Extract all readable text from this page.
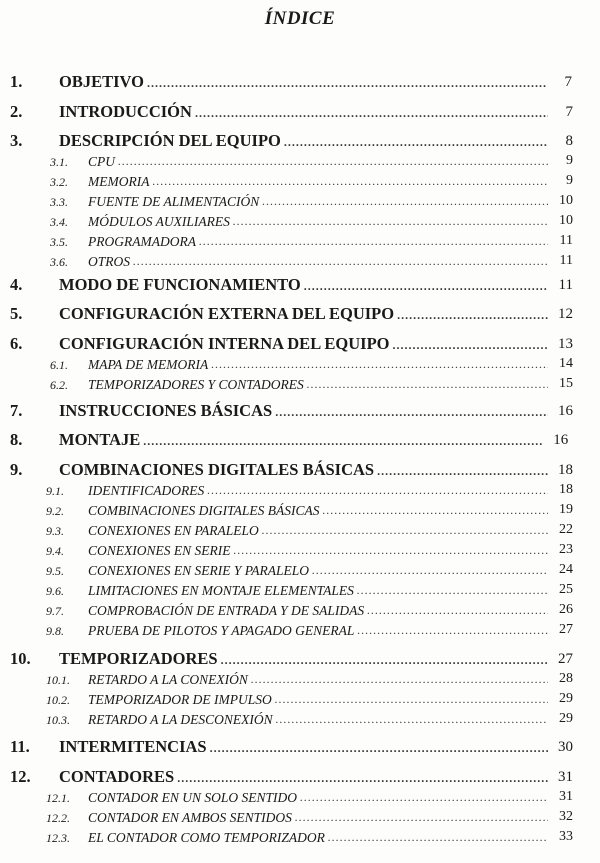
ÍNDICE
1.	OBJETIVO .....	7
2.	INTRODUCCIÓN .....	7
3.	DESCRIPCIÓN DEL EQUIPO .....	8
3.1.	CPU .....	9
3.2.	MEMORIA .....	9
3.3.	FUENTE DE ALIMENTACIÓN .....	10
3.4.	MÓDULOS AUXILIARES .....	10
3.5.	PROGRAMADORA .....	11
3.6.	OTROS .....	11
4.	MODO DE FUNCIONAMIENTO .....	11
5.	CONFIGURACIÓN EXTERNA DEL EQUIPO .....	12
6.	CONFIGURACIÓN INTERNA DEL EQUIPO .....	13
6.1.	MAPA DE MEMORIA .....	14
6.2.	TEMPORIZADORES Y CONTADORES .....	15
7.	INSTRUCCIONES BÁSICAS .....	16
8.	MONTAJE .....	16
9.	COMBINACIONES DIGITALES BÁSICAS .....	18
9.1.	IDENTIFICADORES .....	18
9.2.	COMBINACIONES DIGITALES BÁSICAS .....	19
9.3.	CONEXIONES EN PARALELO .....	22
9.4.	CONEXIONES EN SERIE .....	23
9.5.	CONEXIONES EN SERIE Y PARALELO .....	24
9.6.	LIMITACIONES EN MONTAJE ELEMENTALES .....	25
9.7.	COMPROBACIÓN DE ENTRADA Y DE SALIDAS .....	26
9.8.	PRUEBA DE PILOTOS Y APAGADO GENERAL .....	27
10.	TEMPORIZADORES .....	27
10.1.	RETARDO A LA CONEXIÓN .....	28
10.2.	TEMPORIZADOR DE IMPULSO .....	29
10.3.	RETARDO A LA DESCONEXIÓN .....	29
11.	INTERMITENCIAS .....	30
12.	CONTADORES .....	31
12.1.	CONTADOR EN UN SOLO SENTIDO .....	31
12.2.	CONTADOR EN AMBOS SENTIDOS .....	32
12.3.	EL CONTADOR COMO TEMPORIZADOR .....	33
